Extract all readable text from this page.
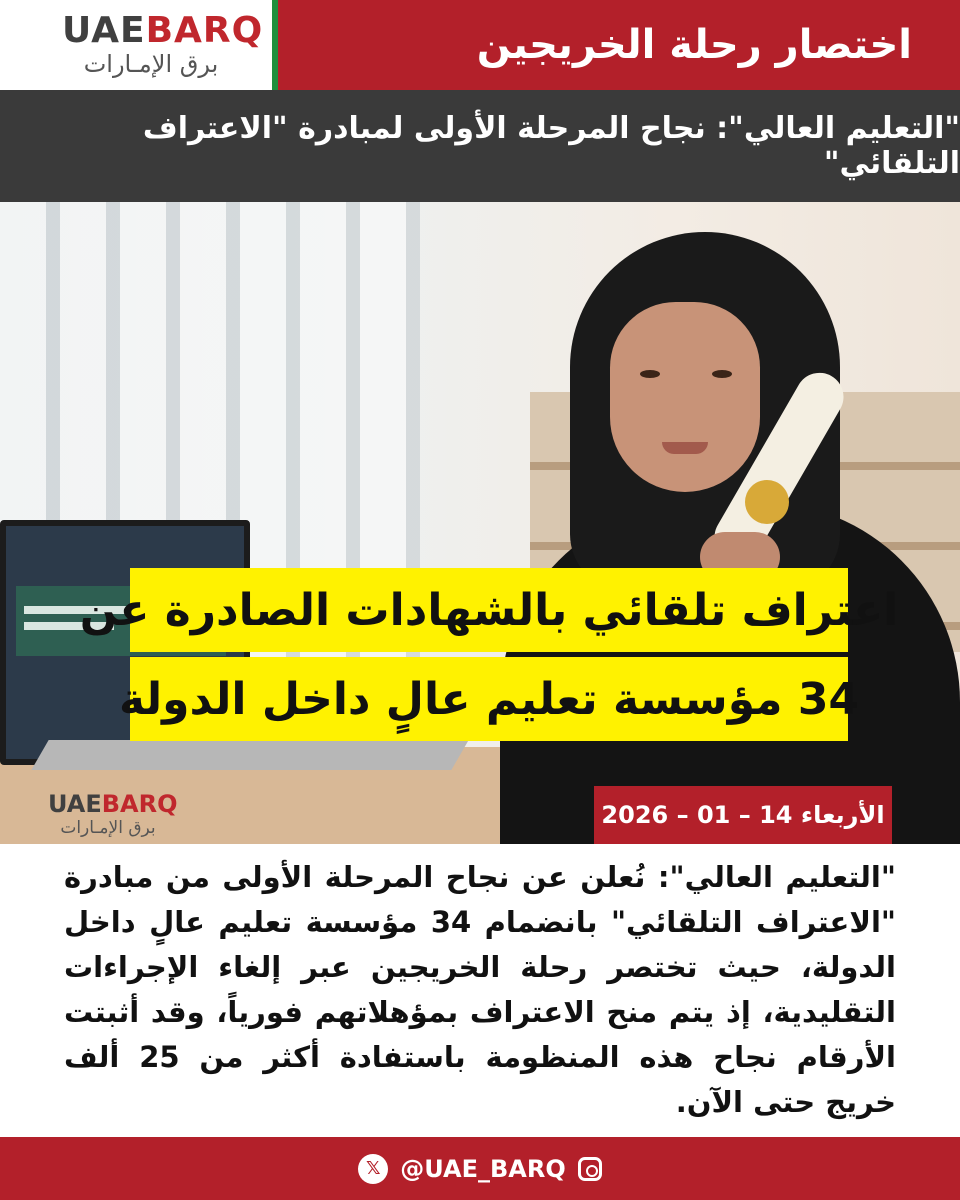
UAEBARQ
برق الإمـارات	اختصار رحلة الخريجين
"التعليم العالي": نجاح المرحلة الأولى لمبادرة "الاعتراف التلقائي"
اعتراف تلقائي بالشهادات الصادرة عن
34 مؤسسة تعليم عالٍ داخل الدولة
UAEBARQ
برق الإمـارات	الأربعاء 14 – 01 – 2026
"التعليم العالي": نُعلن عن نجاح المرحلة الأولى من مبادرة "الاعتراف التلقائي" بانضمام 34 مؤسسة تعليم عالٍ داخل الدولة، حيث تختصر رحلة الخريجين عبر إلغاء الإجراءات التقليدية، إذ يتم منح الاعتراف بمؤهلاتهم فورياً، وقد أثبتت الأرقام نجاح هذه المنظومة باستفادة أكثر من 25 ألف خريج حتى الآن.
𝕏 @UAE_BARQ
